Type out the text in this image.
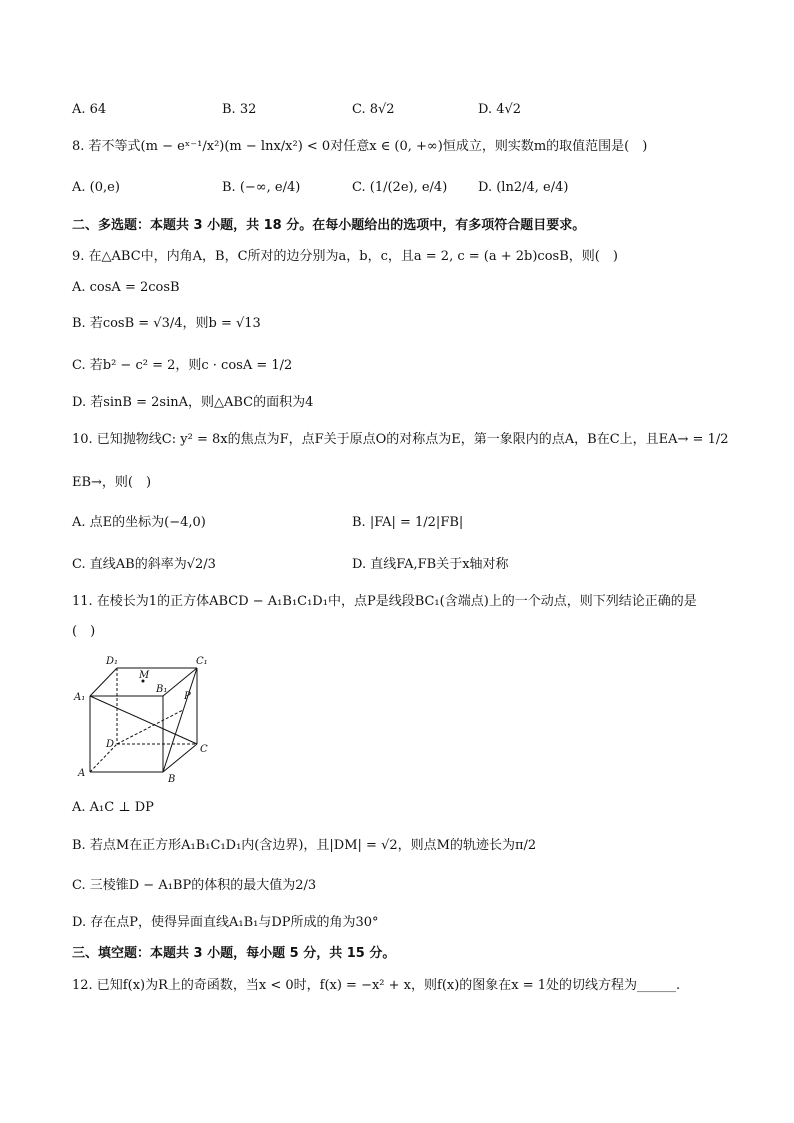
A. 64	B. 32	C. 8√2	D. 4√2
8. 若不等式(m − eˣ⁻¹/x²)(m − lnx/x²) < 0对任意x ∈ (0, +∞)恒成立，则实数m的取值范围是(　)
A. (0,e)	B. (−∞, e/4)	C. (1/(2e), e/4) D. (ln2/4, e/4)
二、多选题：本题共 3 小题，共 18 分。在每小题给出的选项中，有多项符合题目要求。
9. 在△ABC中，内角A，B，C所对的边分别为a，b，c，且a = 2, c = (a + 2b)cosB，则(　)
A. cosA = 2cosB
B. 若cosB = √3/4，则b = √13
C. 若b² − c² = 2，则c · cosA = 1/2
D. 若sinB = 2sinA，则△ABC的面积为4
10. 已知抛物线C: y² = 8x的焦点为F，点F关于原点O的对称点为E，第一象限内的点A，B在C上，且EA→ = 1/2
EB→，则(　)
A. 点E的坐标为(−4,0)	B. |FA| = 1/2|FB|
C. 直线AB的斜率为√2/3	D. 直线FA,FB关于x轴对称
11. 在棱长为1的正方体ABCD − A₁B₁C₁D₁中，点P是线段BC₁(含端点)上的一个动点，则下列结论正确的是
(　)
D₁	C₁
M
B₁
A₁	P
D	C
A
B
A. A₁C ⊥ DP
B. 若点M在正方形A₁B₁C₁D₁内(含边界)，且|DM| = √2，则点M的轨迹长为π/2
C. 三棱锥D − A₁BP的体积的最大值为2/3
D. 存在点P，使得异面直线A₁B₁与DP所成的角为30°
三、填空题：本题共 3 小题，每小题 5 分，共 15 分。
12. 已知f(x)为R上的奇函数，当x < 0时，f(x) = −x² + x，则f(x)的图象在x = 1处的切线方程为______.
